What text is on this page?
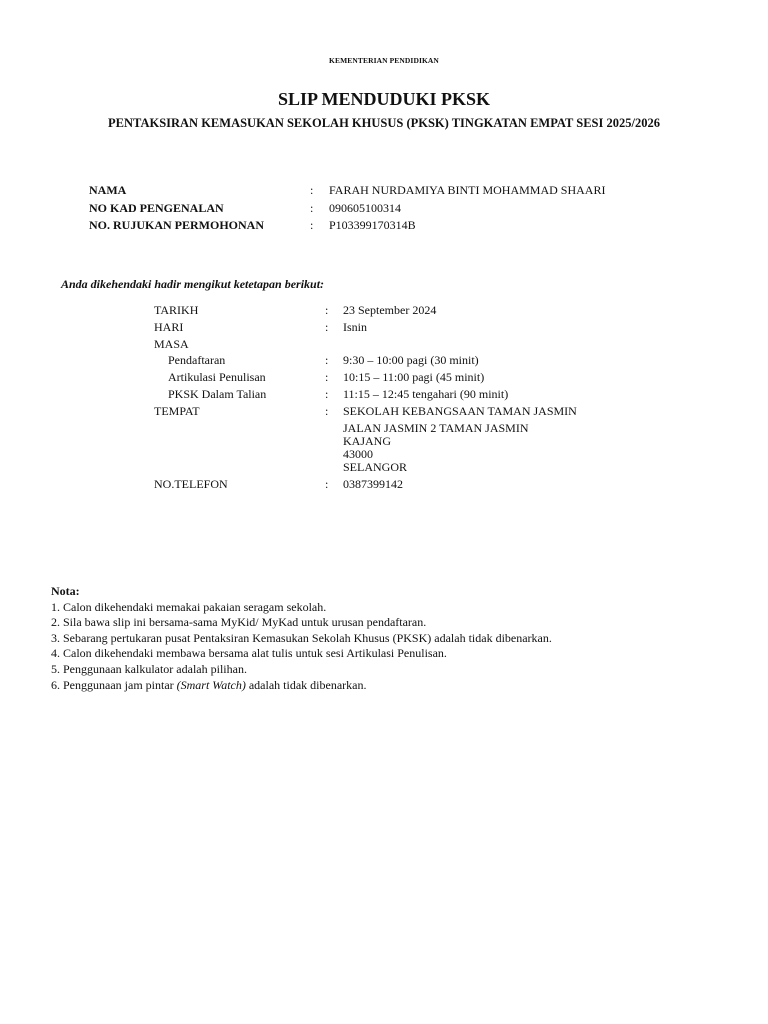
KEMENTERIAN PENDIDIKAN
SLIP MENDUDUKI PKSK
PENTAKSIRAN KEMASUKAN SEKOLAH KHUSUS (PKSK) TINGKATAN EMPAT SESI 2025/2026
NAMA	: FARAH NURDAMIYA BINTI MOHAMMAD SHAARI
NO KAD PENGENALAN	: 090605100314
NO. RUJUKAN PERMOHONAN	: P103399170314B
Anda dikehendaki hadir mengikut ketetapan berikut:
TARIKH	: 23 September 2024
HARI	: Isnin
MASA
Pendaftaran	: 9:30 – 10:00 pagi (30 minit)
Artikulasi Penulisan	: 10:15 – 11:00 pagi (45 minit)
PKSK Dalam Talian	: 11:15 – 12:45 tengahari (90 minit)
TEMPAT	: SEKOLAH KEBANGSAAN TAMAN JASMIN
JALAN JASMIN 2 TAMAN JASMIN
KAJANG
43000
SELANGOR
NO.TELEFON	: 0387399142
Nota:
1. Calon dikehendaki memakai pakaian seragam sekolah.
2. Sila bawa slip ini bersama-sama MyKid/ MyKad untuk urusan pendaftaran.
3. Sebarang pertukaran pusat Pentaksiran Kemasukan Sekolah Khusus (PKSK) adalah tidak dibenarkan.
4. Calon dikehendaki membawa bersama alat tulis untuk sesi Artikulasi Penulisan.
5. Penggunaan kalkulator adalah pilihan.
6. Penggunaan jam pintar (Smart Watch) adalah tidak dibenarkan.
